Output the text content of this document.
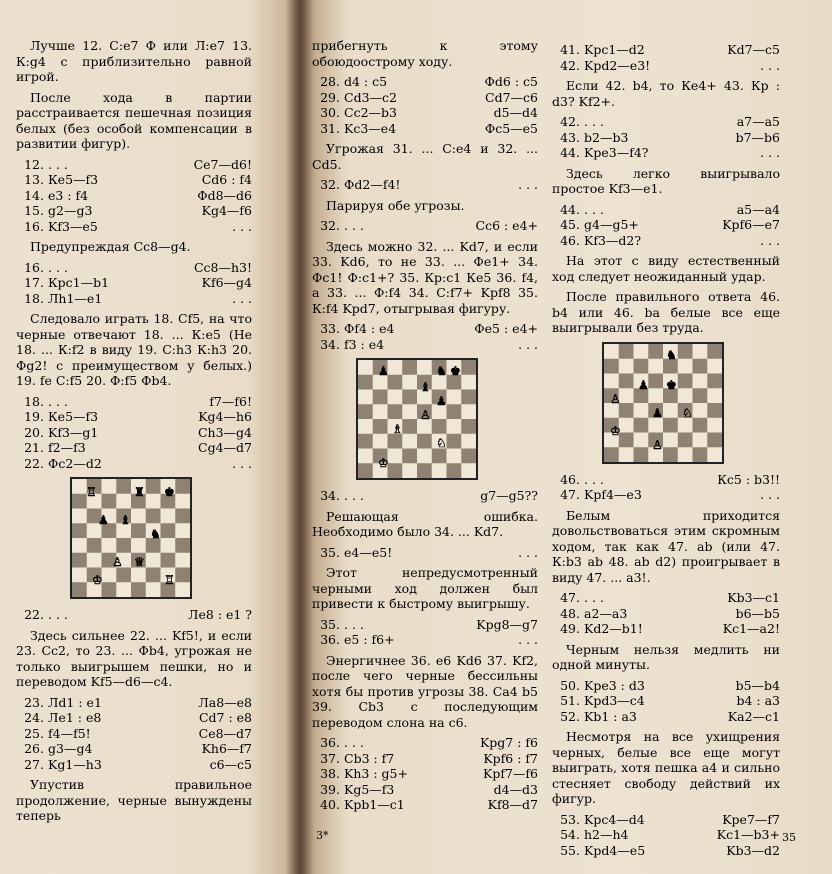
Лучше 12. С:е7 Ф или Л:е7 13. К:g4 с приблизительно равной игрой.

После хода в партии расстраивается пешечная позиция белых (без особой компенсации в развитии фигур).

12. . . .	Се7—d6!
13. Ке5—f3	Cd6 : f4
14. e3 : f4	Фd8—d6
15. g2—g3	Kg4—f6
16. Kf3—e5	. . .

Предупреждая Сс8—g4.

16. . . .	Сс8—h3!
17. Крс1—b1	Kf6—g4
18. Лh1—e1	. . .

Следовало играть 18. Cf5, на что черные отвечают 18. ... К:е5 (Не 18. ... К:f2 в виду 19. С:h3 К:h3 20. Фg2! с преимуществом у белых.) 19. fe С:f5 20. Ф:f5 Фb4.

18. . . .	f7—f6!
19. Ке5—f3	Kg4—h6
20. Kf3—g1	Ch3—g4
21. f2—f3	Cg4—d7
22. Фс2—d2	. . .
♖	♜ ♚
♟ ♝
♞
♙ ♕
♔	♖
22. . . .	Ле8 : е1 ?

Здесь сильнее 22. ... Kf5!, и если 23. Сс2, то 23. ... Фb4, угрожая не только выигрышем пешки, но и переводом Kf5—d6—c4.

23. Лd1 : e1	Ла8—е8
24. Ле1 : е8	Cd7 : е8
25. f4—f5!	Се8—d7
26. g3—g4	Kh6—f7
27. Kg1—h3	c6—c5

Упустив правильное продолжение, черные вынуждены теперь

прибегнуть к этому обоюдоострому ходу.

28. d4 : c5	Фd6 : c5
29. Cd3—c2	Cd7—c6
30. Cc2—b3	d5—d4
31. Kc3—e4	Фс5—е5

Угрожая 31. ... С:е4 и 32. ... Cd5.

32. Фd2—f4!	. . .

Парируя обе угрозы.

32. . . .	Сс6 : е4+

Здесь можно 32. ... Kd7, и если 33. Kd6, то не 33. ... Фе1+ 34. Фс1! Ф:с1+? 35. Кр:с1 Ке5 36. f4, а 33. ... Ф:f4 34. С:f7+ Kpf8 35. К:f4 Kpd7, отыгрывая фигуру.

33. Фf4 : е4	Фе5 : е4+
34. f3 : е4	. . .
♟	♞ ♚
♝
♟
♙
♗
♘
♔
34. . . .	g7—g5??

Решающая ошибка. Необходимо было 34. ... Kd7.

35. е4—е5!	. . .

Этот непредусмотренный черными ход должен был привести к быстрому выигрышу.

35. . . .	Kpg8—g7
36. e5 : f6+	. . .

Энергичнее 36. е6 Kd6 37. Kf2, после чего черные бессильны хотя бы против угрозы 38. Са4 b5 39. Cb3 с последующим переводом слона на с6.

36. . . .	Kpg7 : f6
37. Cb3 : f7	Kpf6 : f7
38. Kh3 : g5+	Kpf7—f6
39. Kg5—f3	d4—d3
40. Kpb1—c1	Kf8—d7
3*
41. Kpc1—d2	Kd7—c5
42. Kpd2—e3!	. . .

Если 42. b4, то Ке4+ 43. Кр : d3? Kf2+.

42. . . .	а7—а5
43. b2—b3	b7—b6
44. Kpe3—f4?	. . .

Здесь легко выигрывало простое Kf3—e1.

44. . . .	a5—a4
45. g4—g5+	Kpf6—e7
46. Kf3—d2?	. . .

На этот с виду естественный ход следует неожиданный удар.

После правильного ответа 46. b4 или 46. ba белые все еще выигрывали без труда.

♞
♟ ♚
♙
♟ ♘
♔
♙
46. . . .	Кс5 : b3!!
47. Kpf4—e3	. . .

Белым приходится довольствоваться этим скромным ходом, так как 47. ab (или 47. К:b3 ab 48. ab d2) проигрывает в виду 47. ... а3!.

47. . . .	Kb3—c1
48. a2—a3	b6—b5
49. Kd2—b1!	Kc1—a2!

Черным нельзя медлить ни одной минуты.

50. Kpe3 : d3	b5—b4
51. Kpd3—c4	b4 : a3
52. Kb1 : a3	Ka2—c1

Несмотря на все ухищрения черных, белые все еще могут выиграть, хотя пешка а4 и сильно стесняет свободу действий их фигур.

53. Kpc4—d4	Kpe7—f7
54. h2—h4	Kc1—b3+
55. Kpd4—e5	Kb3—d2
35
